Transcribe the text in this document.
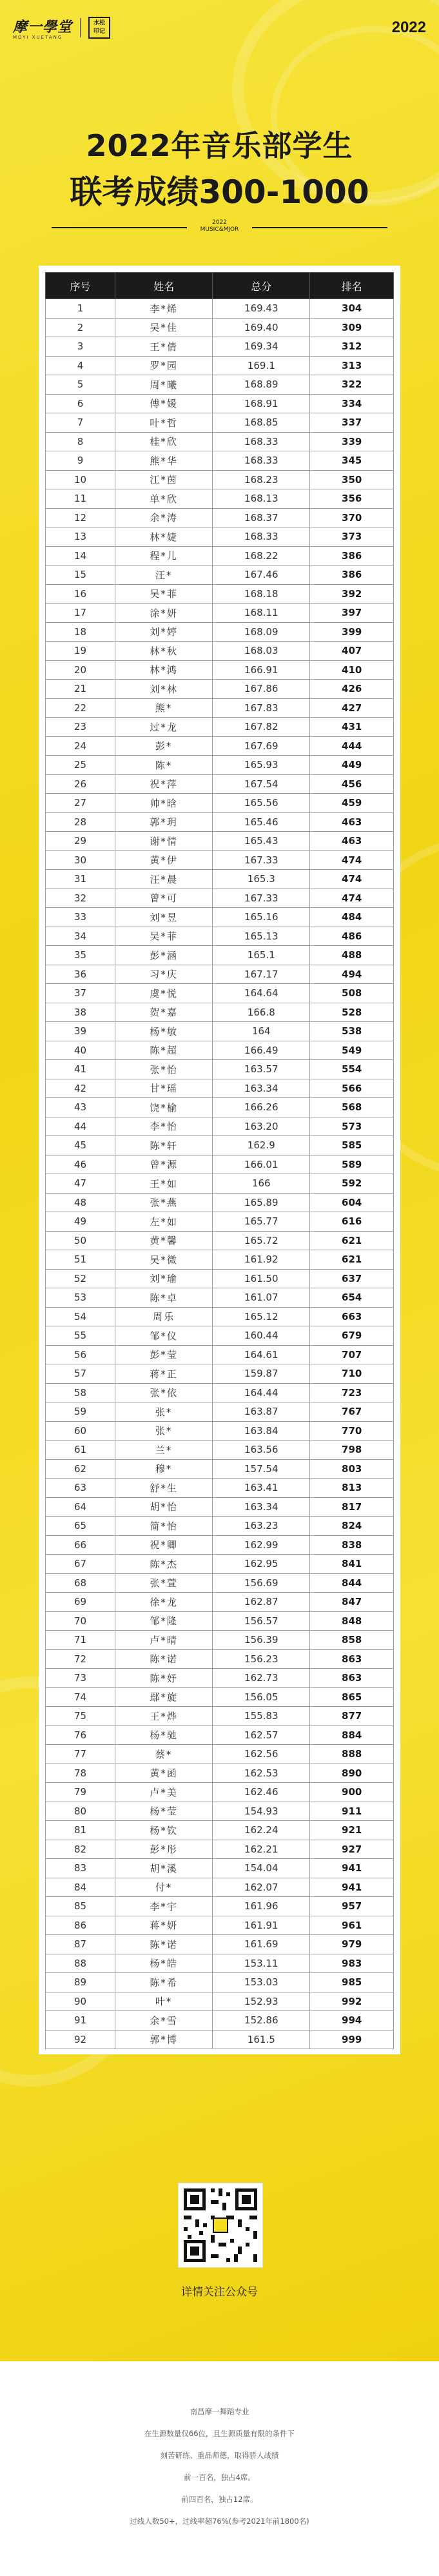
摩一學堂
MOYI XUETANG
水松 印记	2022
2022年音乐部学生
联考成绩300-1000
2022
MUSIC&MJOR
序号	姓名	总分	排名
1	李*烯	169.43	304
2	吴*佳	169.40	309
3	王*倩	169.34	312
4	罗*园	169.1	313
5	周*曦	168.89	322
6	傅*媛	168.91	334
7	叶*哲	168.85	337
8	桂*欣	168.33	339
9	熊*华	168.33	345
10	江*茵	168.23	350
11	单*欣	168.13	356
12	余*涛	168.37	370
13	林*婕	168.33	373
14	程*儿	168.22	386
15	汪*	167.46	386
16	吴*菲	168.18	392
17	涂*妍	168.11	397
18	刘*婷	168.09	399
19	林*秋	168.03	407
20	林*鸿	166.91	410
21	刘*林	167.86	426
22	熊*	167.83	427
23	过*龙	167.82	431
24	彭*	167.69	444
25	陈*	165.93	449
26	祝*萍	167.54	456
27	帅*晗	165.56	459
28	郭*玥	165.46	463
29	谢*情	165.43	463
30	黄*伊	167.33	474
31	汪*晨	165.3	474
32	曾*可	167.33	474
33	刘*昱	165.16	484
34	吴*菲	165.13	486
35	彭*涵	165.1	488
36	习*庆	167.17	494
37	虞*悦	164.64	508
38	贺*嘉	166.8	528
39	杨*敏	164	538
40	陈*超	166.49	549
41	张*怡	163.57	554
42	甘*瑶	163.34	566
43	饶*榆	166.26	568
44	李*怡	163.20	573
45	陈*轩	162.9	585
46	曾*源	166.01	589
47	王*如	166	592
48	张*燕	165.89	604
49	左*如	165.77	616
50	黄*馨	165.72	621
51	吴*微	161.92	621
52	刘*瑜	161.50	637
53	陈*卓	161.07	654
54	周乐	165.12	663
55	邹*仪	160.44	679
56	彭*莹	164.61	707
57	蒋*正	159.87	710
58	张*依	164.44	723
59	张*	163.87	767
60	张*	163.84	770
61	兰*	163.56	798
62	穆*	157.54	803
63	舒*生	163.41	813
64	胡*怡	163.34	817
65	简*怡	163.23	824
66	祝*卿	162.99	838
67	陈*杰	162.95	841
68	张*萱	156.69	844
69	徐*龙	162.87	847
70	邹*隆	156.57	848
71	卢*晴	156.39	858
72	陈*诺	156.23	863
73	陈*妤	162.73	863
74	鄢*旋	156.05	865
75	王*烨	155.83	877
76	杨*驰	162.57	884
77	蔡*	162.56	888
78	黄*函	162.53	890
79	卢*美	162.46	900
80	杨*莹	154.93	911
81	杨*钦	162.24	921
82	彭*彤	162.21	927
83	胡*溪	154.04	941
84	付*	162.07	941
85	李*宇	161.96	957
86	蒋*妍	161.91	961
87	陈*诺	161.69	979
88	杨*皓	153.11	983
89	陈*希	153.03	985
90	叶*	152.93	992
91	余*雪	152.86	994
92	郭*博	161.5	999
详情关注公众号
南昌摩一舞蹈专业
在生源数量仅66位，且生源质量有限的条件下
刻苦研练、重品师德，取得骄人战绩
前一百名，独占4席。
前四百名，独占12席。
过线人数50+，过线率超76%(参考2021年前1800名)
